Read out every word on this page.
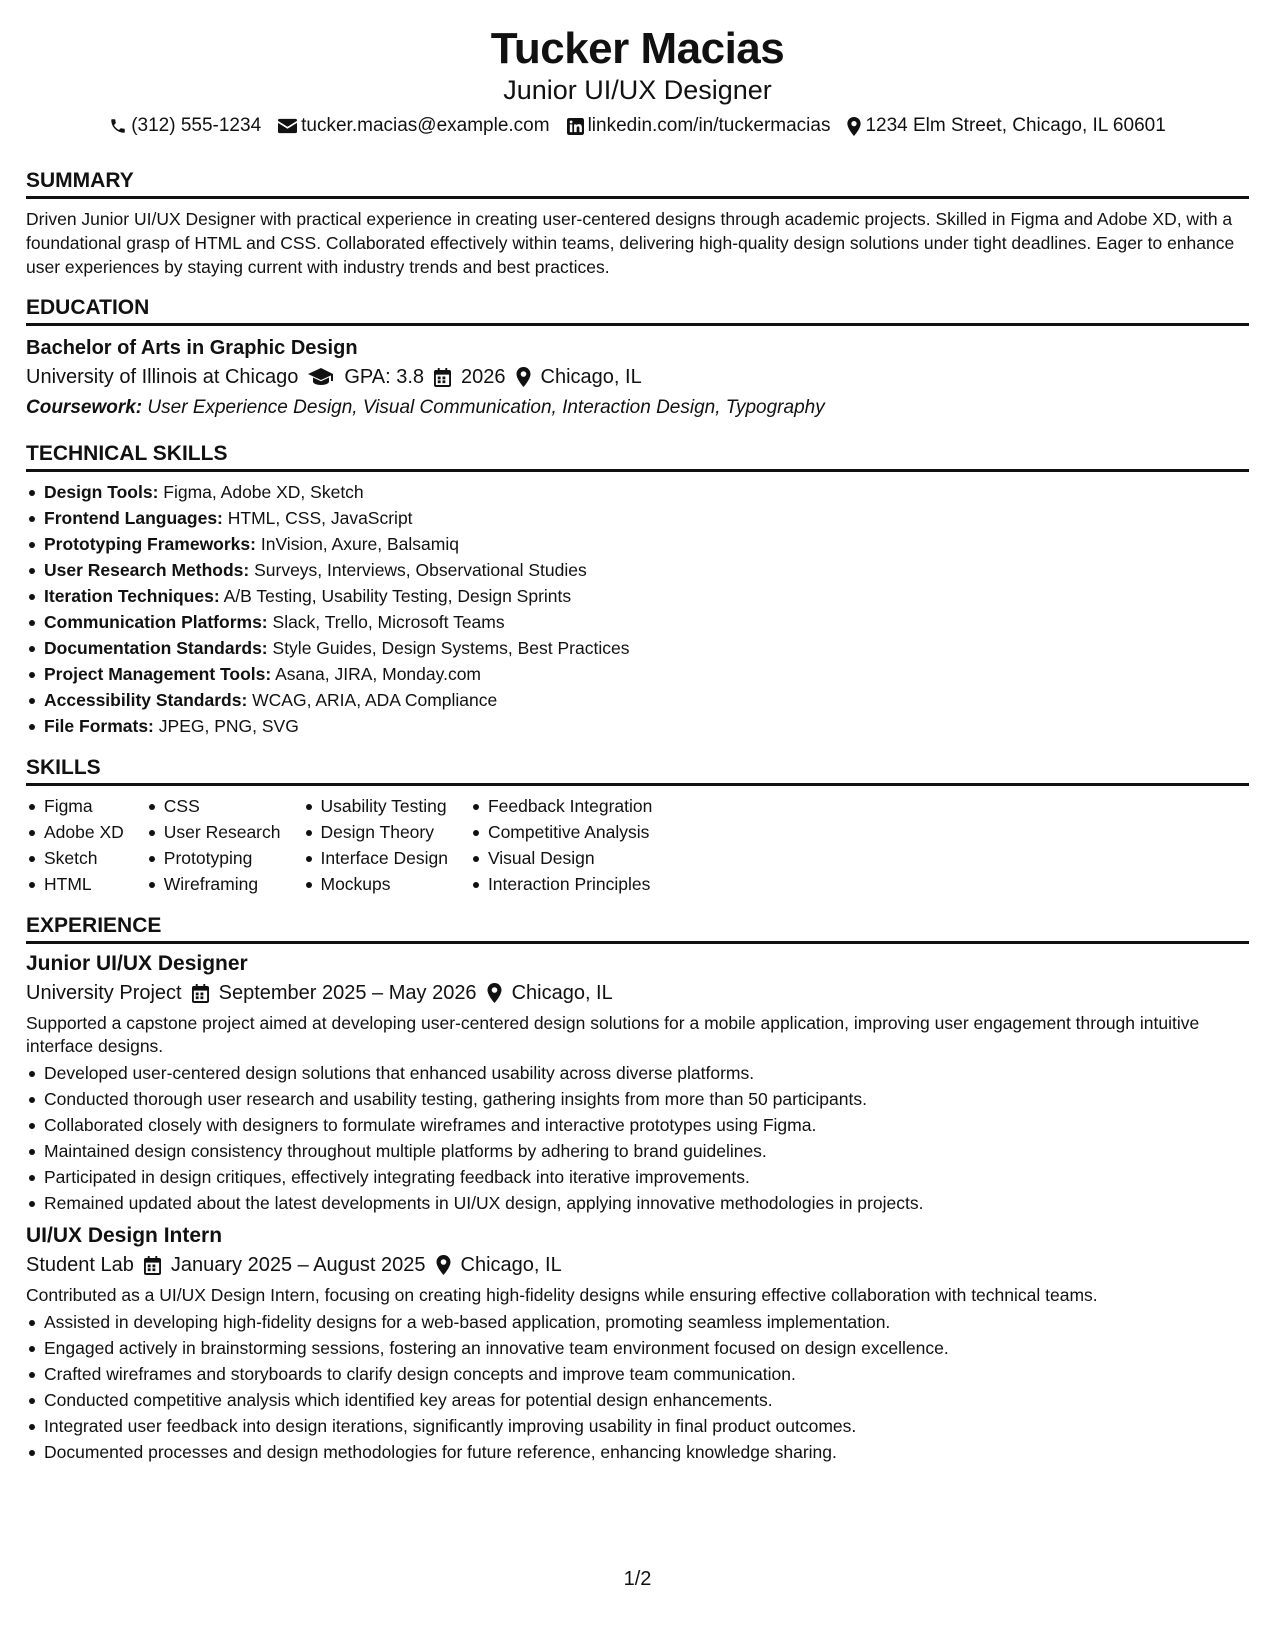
Tucker Macias
Junior UI/UX Designer
(312) 555-1234 tucker.macias@example.com linkedin.com/in/tuckermacias 1234 Elm Street, Chicago, IL 60601
SUMMARY
Driven Junior UI/UX Designer with practical experience in creating user-centered designs through academic projects. Skilled in Figma and Adobe XD, with a foundational grasp of HTML and CSS. Collaborated effectively within teams, delivering high-quality design solutions under tight deadlines. Eager to enhance user experiences by staying current with industry trends and best practices.
EDUCATION
Bachelor of Arts in Graphic Design
University of Illinois at Chicago GPA: 3.8 2026 Chicago, IL
Coursework: User Experience Design, Visual Communication, Interaction Design, Typography
TECHNICAL SKILLS
Design Tools: Figma, Adobe XD, Sketch
Frontend Languages: HTML, CSS, JavaScript
Prototyping Frameworks: InVision, Axure, Balsamiq
User Research Methods: Surveys, Interviews, Observational Studies
Iteration Techniques: A/B Testing, Usability Testing, Design Sprints
Communication Platforms: Slack, Trello, Microsoft Teams
Documentation Standards: Style Guides, Design Systems, Best Practices
Project Management Tools: Asana, JIRA, Monday.com
Accessibility Standards: WCAG, ARIA, ADA Compliance
File Formats: JPEG, PNG, SVG
SKILLS
Figma
Adobe XD
Sketch
HTML
CSS
User Research
Prototyping
Wireframing
Usability Testing
Design Theory
Interface Design
Mockups
Feedback Integration
Competitive Analysis
Visual Design
Interaction Principles
EXPERIENCE
Junior UI/UX Designer
University Project September 2025 – May 2026 Chicago, IL
Supported a capstone project aimed at developing user-centered design solutions for a mobile application, improving user engagement through intuitive interface designs.
Developed user-centered design solutions that enhanced usability across diverse platforms.
Conducted thorough user research and usability testing, gathering insights from more than 50 participants.
Collaborated closely with designers to formulate wireframes and interactive prototypes using Figma.
Maintained design consistency throughout multiple platforms by adhering to brand guidelines.
Participated in design critiques, effectively integrating feedback into iterative improvements.
Remained updated about the latest developments in UI/UX design, applying innovative methodologies in projects.
UI/UX Design Intern
Student Lab January 2025 – August 2025 Chicago, IL
Contributed as a UI/UX Design Intern, focusing on creating high-fidelity designs while ensuring effective collaboration with technical teams.
Assisted in developing high-fidelity designs for a web-based application, promoting seamless implementation.
Engaged actively in brainstorming sessions, fostering an innovative team environment focused on design excellence.
Crafted wireframes and storyboards to clarify design concepts and improve team communication.
Conducted competitive analysis which identified key areas for potential design enhancements.
Integrated user feedback into design iterations, significantly improving usability in final product outcomes.
Documented processes and design methodologies for future reference, enhancing knowledge sharing.
1/2
